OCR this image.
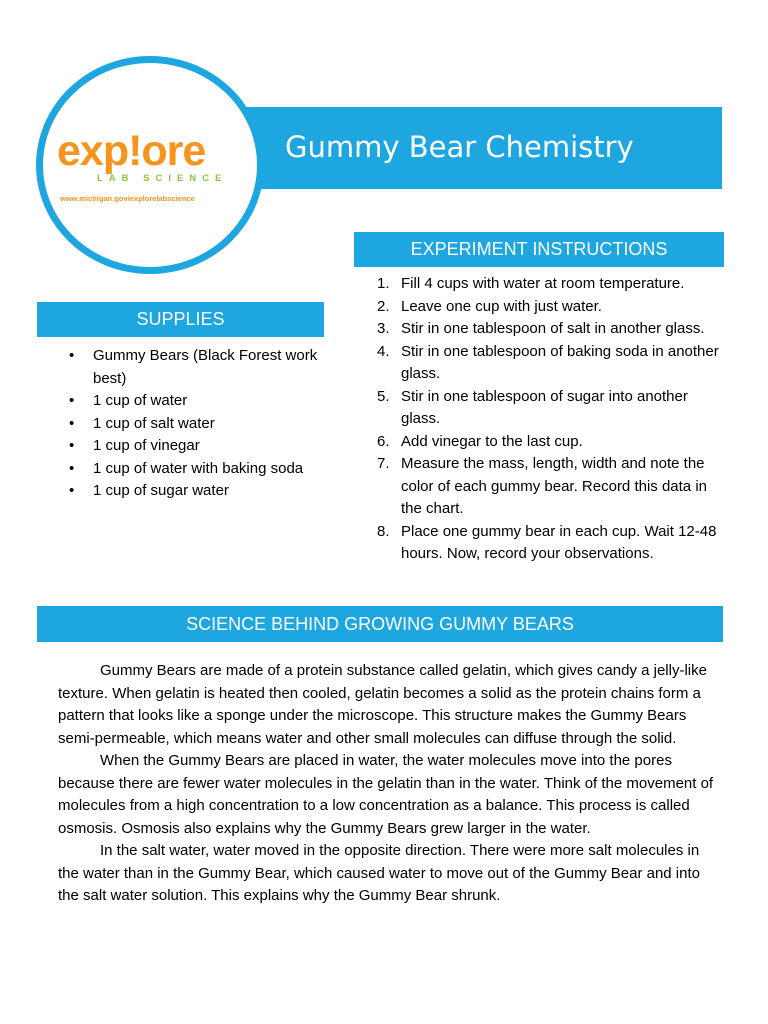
Gummy Bear Chemistry
exp!ore
LAB SCIENCE
www.michigan.gov/explorelabscience
EXPERIMENT INSTRUCTIONS
1. Fill 4 cups with water at room temperature.
2. Leave one cup with just water.
3. Stir in one tablespoon of salt in another glass.
4. Stir in one tablespoon of baking soda in another glass.
5. Stir in one tablespoon of sugar into another glass.
6. Add vinegar to the last cup.
7. Measure the mass, length, width and note the color of each gummy bear. Record this data in the chart.
8. Place one gummy bear in each cup. Wait 12-48 hours. Now, record your observations.
SUPPLIES
• Gummy Bears (Black Forest work best)
• 1 cup of water
• 1 cup of salt water
• 1 cup of vinegar
• 1 cup of water with baking soda
• 1 cup of sugar water
SCIENCE BEHIND GROWING GUMMY BEARS

Gummy Bears are made of a protein substance called gelatin, which gives candy a jelly-like texture. When gelatin is heated then cooled, gelatin becomes a solid as the protein chains form a pattern that looks like a sponge under the microscope. This structure makes the Gummy Bears semi-permeable, which means water and other small molecules can diffuse through the solid.

When the Gummy Bears are placed in water, the water molecules move into the pores because there are fewer water molecules in the gelatin than in the water. Think of the movement of molecules from a high concentration to a low concentration as a balance. This process is called osmosis. Osmosis also explains why the Gummy Bears grew larger in the water.

In the salt water, water moved in the opposite direction. There were more salt molecules in the water than in the Gummy Bear, which caused water to move out of the Gummy Bear and into the salt water solution. This explains why the Gummy Bear shrunk.
